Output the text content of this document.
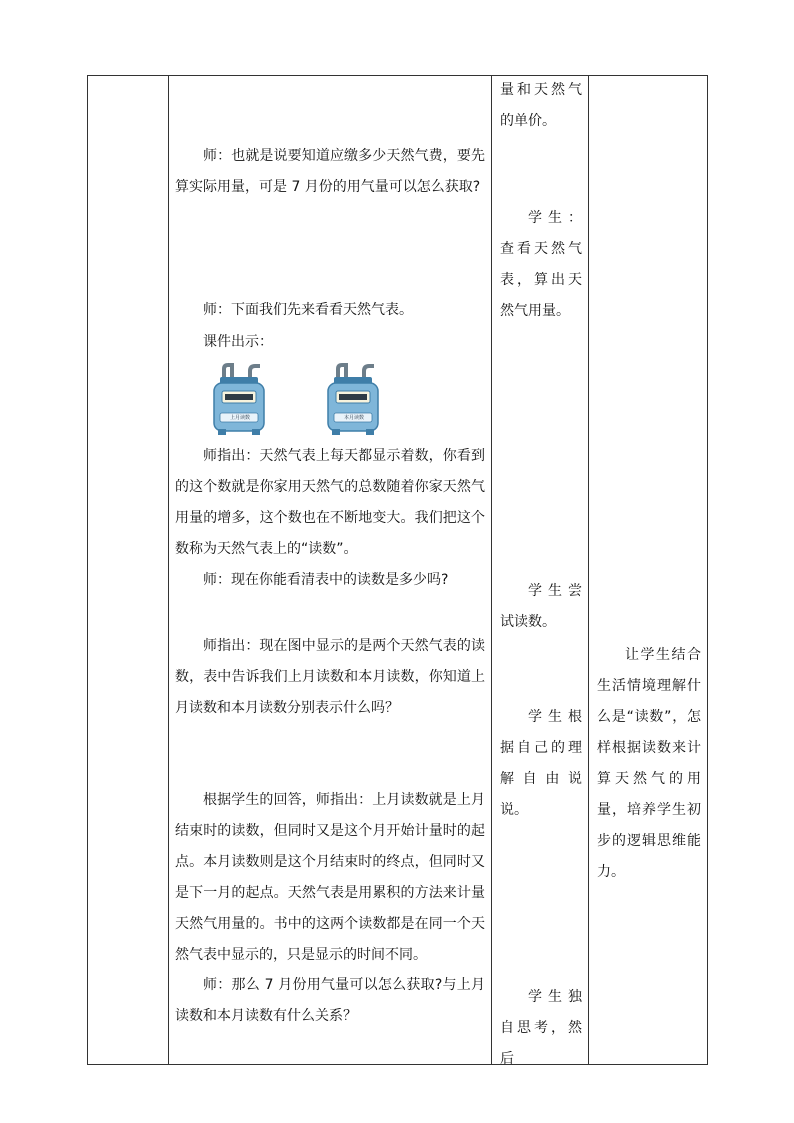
师：也就是说要知道应缴多少天然气费，要先算实际用量，可是 7 月份的用气量可以怎么获取?

师：下面我们先来看看天然气表。

课件出示：

上月读数	本月读数

师指出：天然气表上每天都显示着数，你看到的这个数就是你家用天然气的总数随着你家天然气用量的增多，这个数也在不断地变大。我们把这个数称为天然气表上的“读数”。

师：现在你能看清表中的读数是多少吗?

师指出：现在图中显示的是两个天然气表的读数，表中告诉我们上月读数和本月读数，你知道上月读数和本月读数分别表示什么吗？

根据学生的回答，师指出：上月读数就是上月结束时的读数，但同时又是这个月开始计量时的起点。本月读数则是这个月结束时的终点，但同时又是下一月的起点。天然气表是用累积的方法来计量天然气用量的。书中的这两个读数都是在同一个天然气表中显示的，只是显示的时间不同。

师：那么 7 月份用气量可以怎么获取?与上月读数和本月读数有什么关系？

量和天然气的单价。

学生：查看天然气表，算出天然气用量。

学生尝试读数。

学生根据自己的理解自由说说。

学生独自思考，然后

让学生结合生活情境理解什么是“读数”，怎样根据读数来计算天然气的用量，培养学生初步的逻辑思维能力。
